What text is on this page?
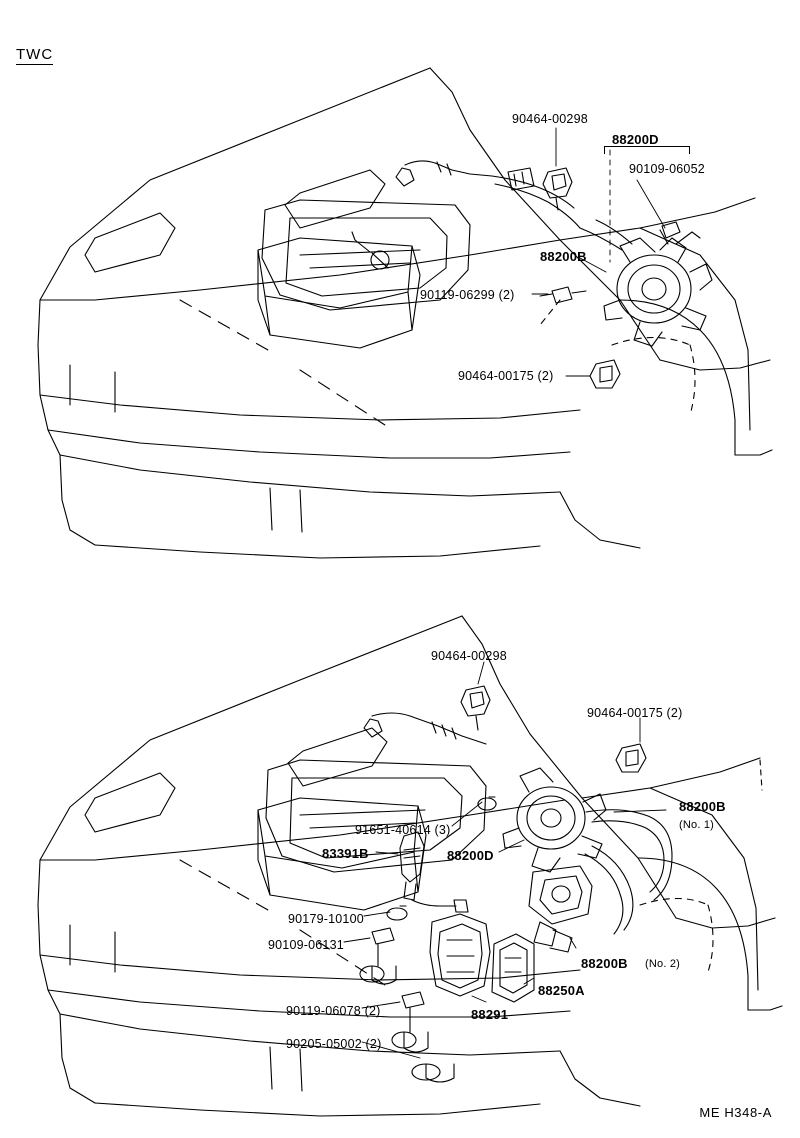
TWC
90464-00298
88200D
90109-06052
88200B
90119-06299 (2)
90464-00175 (2)
90464-00298
90464-00175 (2)
91651-40614 (3)
88200B
(No. 1)
88200D
83391B
90179-10100
90109-06131
88200B (No. 2)
88250A
90119-06078 (2)	88291
90205-05002 (2)
ME H348-A
